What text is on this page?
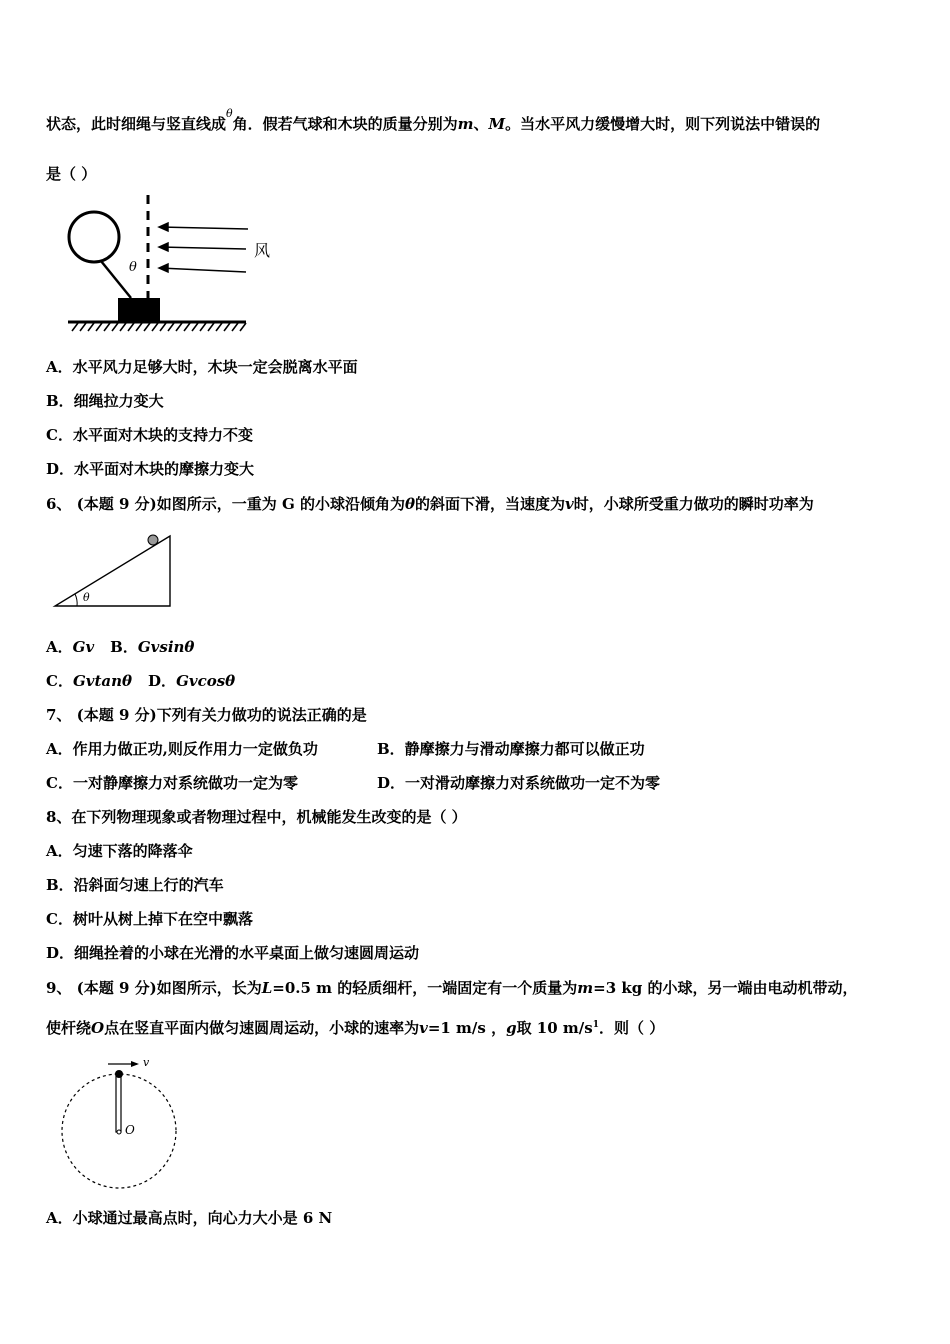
状态，此时细绳与竖直线成$^\theta$角．假若气球和木块的质量分别为m、M。当水平风力缓慢增大时，则下列说法中错误的
是（ ）
θ
风
A．水平风力足够大时，木块一定会脱离水平面
B．细绳拉力变大
C．水平面对木块的支持力不变
D．水平面对木块的摩擦力变大
6、 (本题 9 分)如图所示，一重为 G 的小球沿倾角为θ的斜面下滑，当速度为v时，小球所受重力做功的瞬时功率为
θ
A．Gv B．Gvsinθ
C．Gvtanθ D．Gvcosθ
7、 (本题 9 分)下列有关力做功的说法正确的是
A．作用力做正功,则反作用力一定做负功	B．静摩擦力与滑动摩擦力都可以做正功
C．一对静摩擦力对系统做功一定为零	D．一对滑动摩擦力对系统做功一定不为零
8、在下列物理现象或者物理过程中，机械能发生改变的是（ ）
A．匀速下落的降落伞
B．沿斜面匀速上行的汽车
C．树叶从树上掉下在空中飘落
D．细绳拴着的小球在光滑的水平桌面上做匀速圆周运动
9、 (本题 9 分)如图所示，长为L=0.5 m 的轻质细杆，一端固定有一个质量为m=3 kg 的小球，另一端由电动机带动，
使杆绕O点在竖直平面内做匀速圆周运动，小球的速率为v=1 m/s ，g取 10 $m/s^1$．则（ ）
v
O
A．小球通过最高点时，向心力大小是 6 N
